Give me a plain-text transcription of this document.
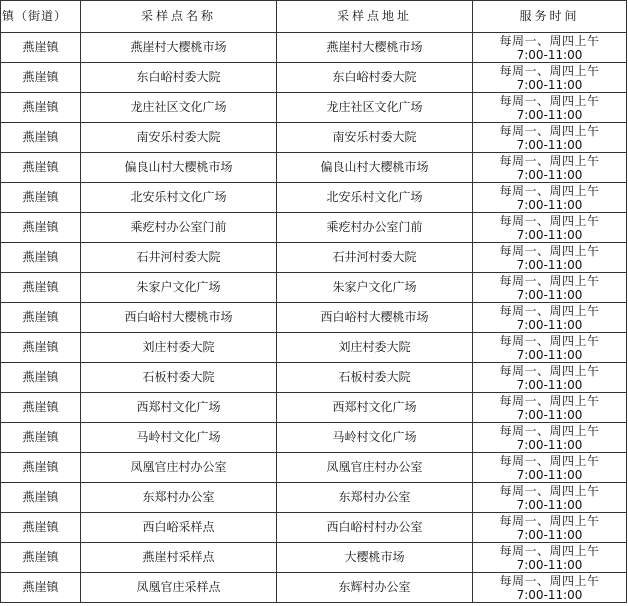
镇（街道）	采样点名称	采样点地址	服务时间
燕崖镇	燕崖村大樱桃市场	燕崖村大樱桃市场	每周一、周四上午
7:00-11:00

燕崖镇	东白峪村委大院	东白峪村委大院	每周一、周四上午
7:00-11:00

燕崖镇	龙庄社区文化广场	龙庄社区文化广场	每周一、周四上午
7:00-11:00

燕崖镇	南安乐村委大院	南安乐村委大院	每周一、周四上午
7:00-11:00

燕崖镇	偏良山村大樱桃市场	偏良山村大樱桃市场	每周一、周四上午
7:00-11:00

燕崖镇	北安乐村文化广场	北安乐村文化广场	每周一、周四上午
7:00-11:00

燕崖镇	乘疙村办公室门前	乘疙村办公室门前	每周一、周四上午
7:00-11:00

燕崖镇	石井河村委大院	石井河村委大院	每周一、周四上午
7:00-11:00

燕崖镇	朱家户文化广场	朱家户文化广场	每周一、周四上午
7:00-11:00

燕崖镇	西白峪村大樱桃市场	西白峪村大樱桃市场	每周一、周四上午
7:00-11:00

燕崖镇	刘庄村委大院	刘庄村委大院	每周一、周四上午
7:00-11:00

燕崖镇	石板村委大院	石板村委大院	每周一、周四上午
7:00-11:00

燕崖镇	西郑村文化广场	西郑村文化广场	每周一、周四上午
7:00-11:00

燕崖镇	马岭村文化广场	马岭村文化广场	每周一、周四上午
7:00-11:00

燕崖镇	凤凰官庄村办公室	凤凰官庄村办公室	每周一、周四上午
7:00-11:00

燕崖镇	东郑村办公室	东郑村办公室	每周一、周四上午
7:00-11:00

燕崖镇	西白峪采样点	西白峪村村办公室	每周一、周四上午
7:00-11:00

燕崖镇	燕崖村采样点	大樱桃市场	每周一、周四上午
7:00-11:00

燕崖镇	凤凰官庄采样点	东辉村办公室	每周一、周四上午
7:00-11:00
